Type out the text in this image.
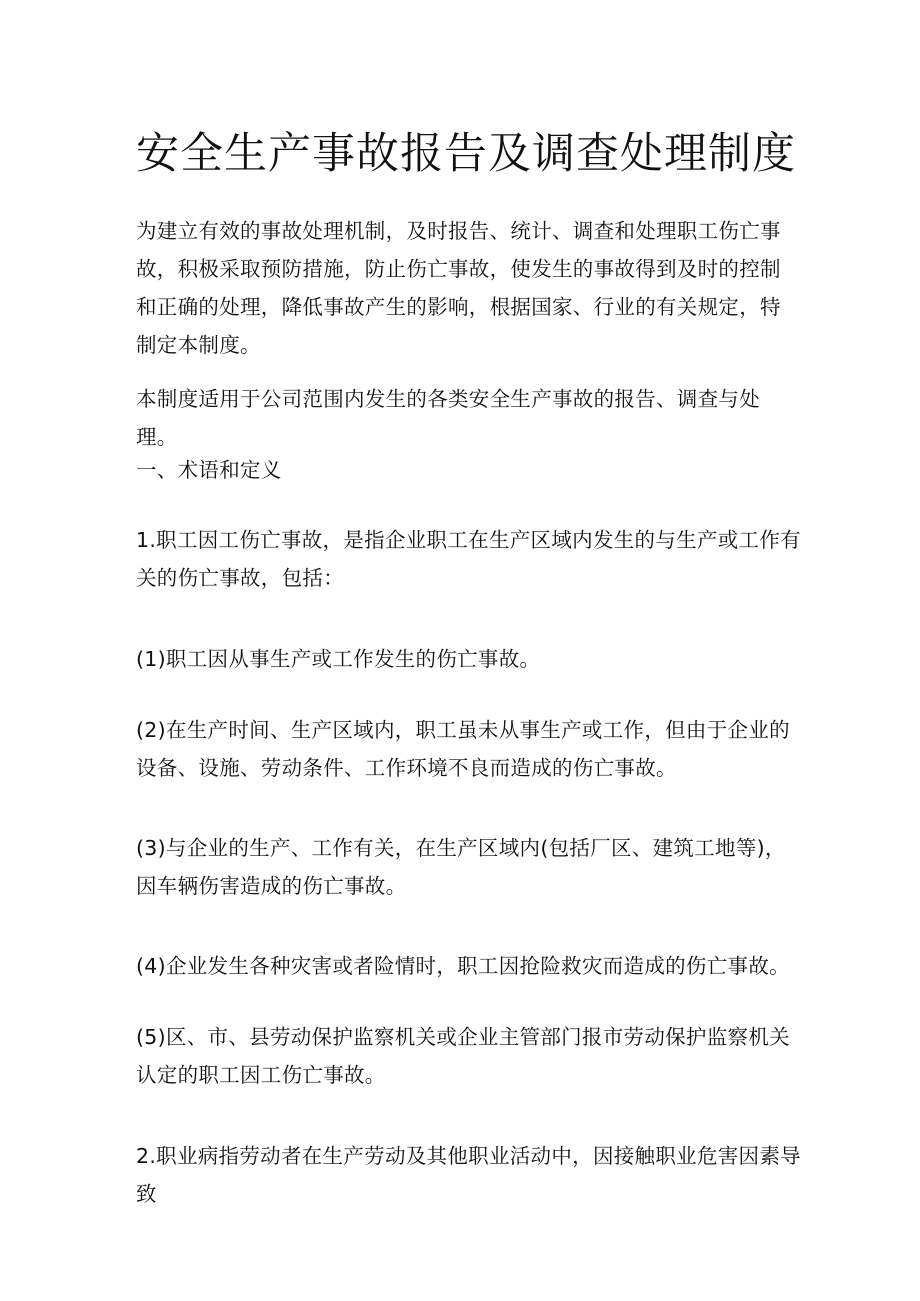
安全生产事故报告及调查处理制度

为建立有效的事故处理机制，及时报告、统计、调查和处理职工伤亡事故，积极采取预防措施，防止伤亡事故，使发生的事故得到及时的控制和正确的处理，降低事故产生的影响，根据国家、行业的有关规定，特制定本制度。

本制度适用于公司范围内发生的各类安全生产事故的报告、调查与处理。

一、术语和定义

1.职工因工伤亡事故，是指企业职工在生产区域内发生的与生产或工作有关的伤亡事故，包括：

(1)职工因从事生产或工作发生的伤亡事故。

(2)在生产时间、生产区域内，职工虽未从事生产或工作，但由于企业的设备、设施、劳动条件、工作环境不良而造成的伤亡事故。

(3)与企业的生产、工作有关，在生产区域内(包括厂区、建筑工地等)，因车辆伤害造成的伤亡事故。

(4)企业发生各种灾害或者险情时，职工因抢险救灾而造成的伤亡事故。

(5)区、市、县劳动保护监察机关或企业主管部门报市劳动保护监察机关认定的职工因工伤亡事故。

2.职业病指劳动者在生产劳动及其他职业活动中，因接触职业危害因素导致
